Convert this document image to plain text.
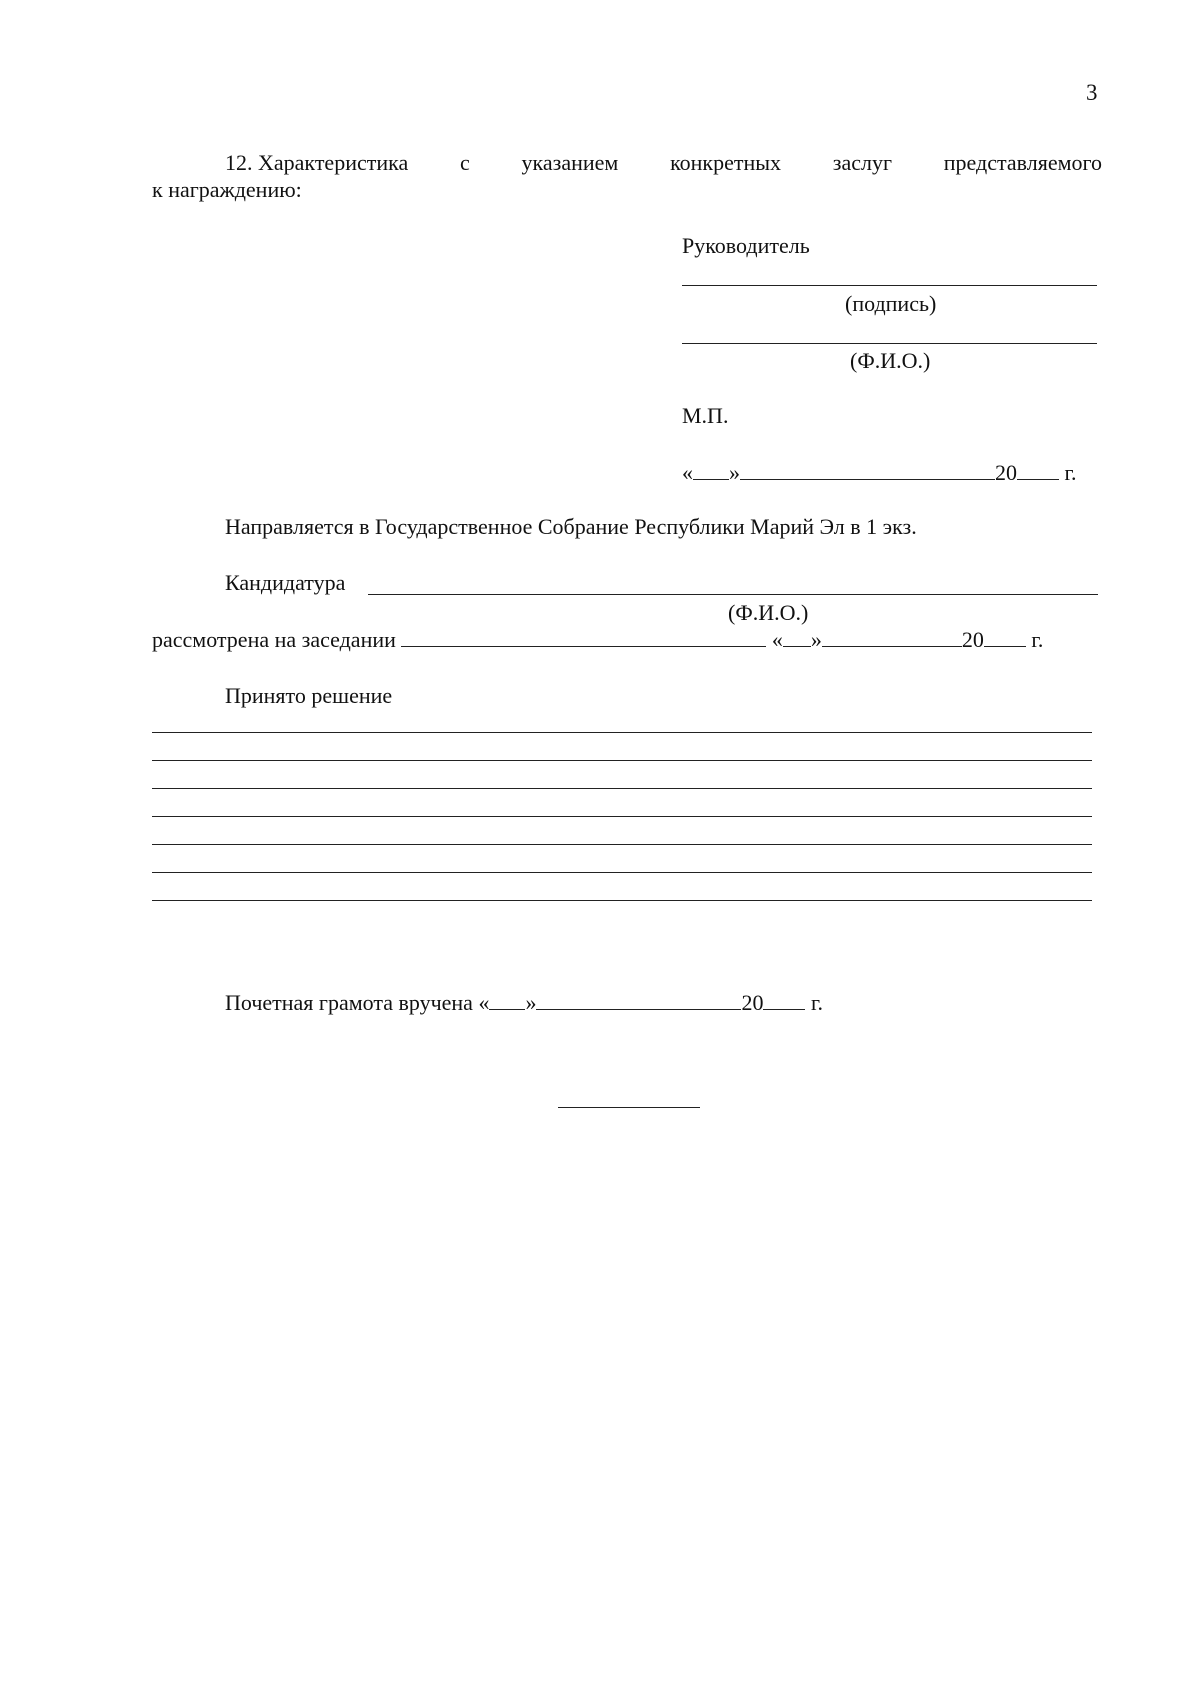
3
12. Характеристика с указанием конкретных заслуг представляемого
к награждению:
Руководитель
(подпись)
(Ф.И.О.)
М.П.
« »	20 г.
Направляется в Государственное Собрание Республики Марий Эл в 1 экз.
Кандидатура
(Ф.И.О.)
рассмотрена на заседании	« »	20 г.
Принято решение
Почетная грамота вручена « »	20 г.
